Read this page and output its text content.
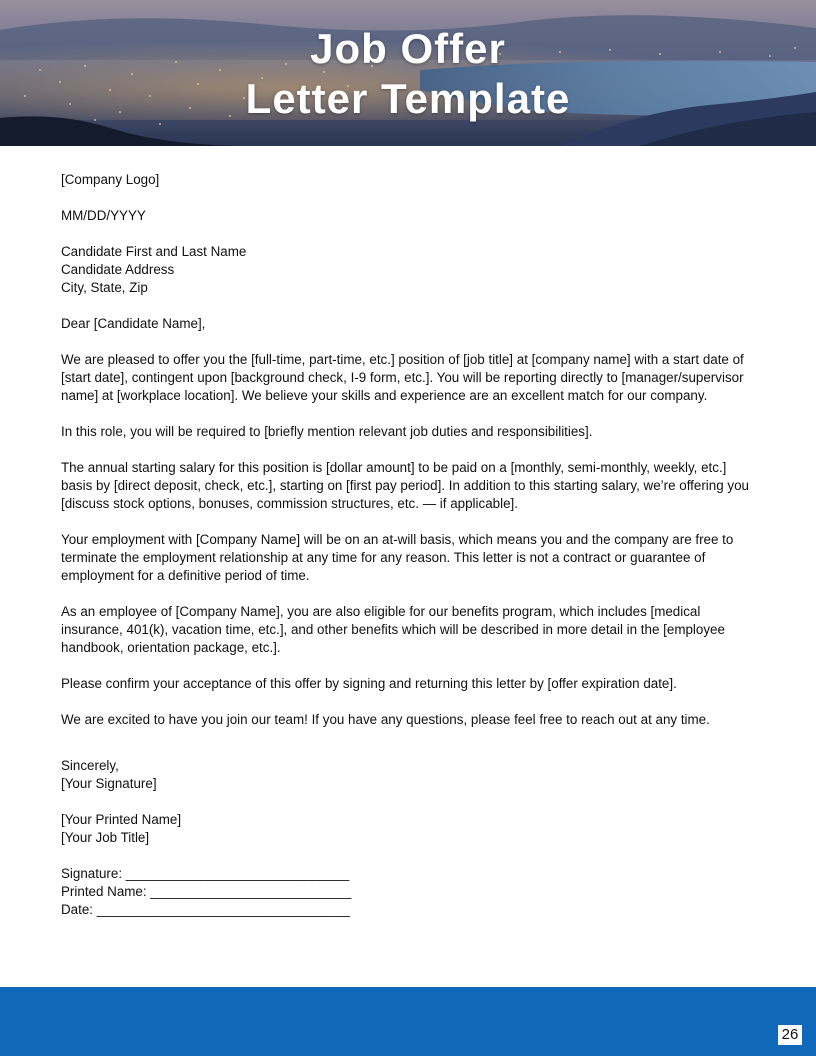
Job Offer
Letter Template

[Company Logo]

MM/DD/YYYY

Candidate First and Last Name

Candidate Address

City, State, Zip

Dear [Candidate Name],

We are pleased to offer you the [full-time, part-time, etc.] position of [job title] at [company name] with a start date of [start date], contingent upon [background check, I-9 form, etc.]. You will be reporting directly to [manager/supervisor name] at [workplace location]. We believe your skills and experience are an excellent match for our company.

In this role, you will be required to [briefly mention relevant job duties and responsibilities].

The annual starting salary for this position is [dollar amount] to be paid on a [monthly, semi-monthly, weekly, etc.] basis by [direct deposit, check, etc.], starting on [first pay period]. In addition to this starting salary, we’re offering you [discuss stock options, bonuses, commission structures, etc. — if applicable].

Your employment with [Company Name] will be on an at-will basis, which means you and the company are free to terminate the employment relationship at any time for any reason. This letter is not a contract or guarantee of employment for a definitive period of time.

As an employee of [Company Name], you are also eligible for our benefits program, which includes [medical insurance, 401(k), vacation time, etc.], and other benefits which will be described in more detail in the [employee handbook, orientation package, etc.].

Please confirm your acceptance of this offer by signing and returning this letter by [offer expiration date].

We are excited to have you join our team! If you have any questions, please feel free to reach out at any time.

Sincerely,

[Your Signature]

[Your Printed Name]

[Your Job Title]

Signature: ______________________________

Printed Name: ___________________________

Date: __________________________________

26
